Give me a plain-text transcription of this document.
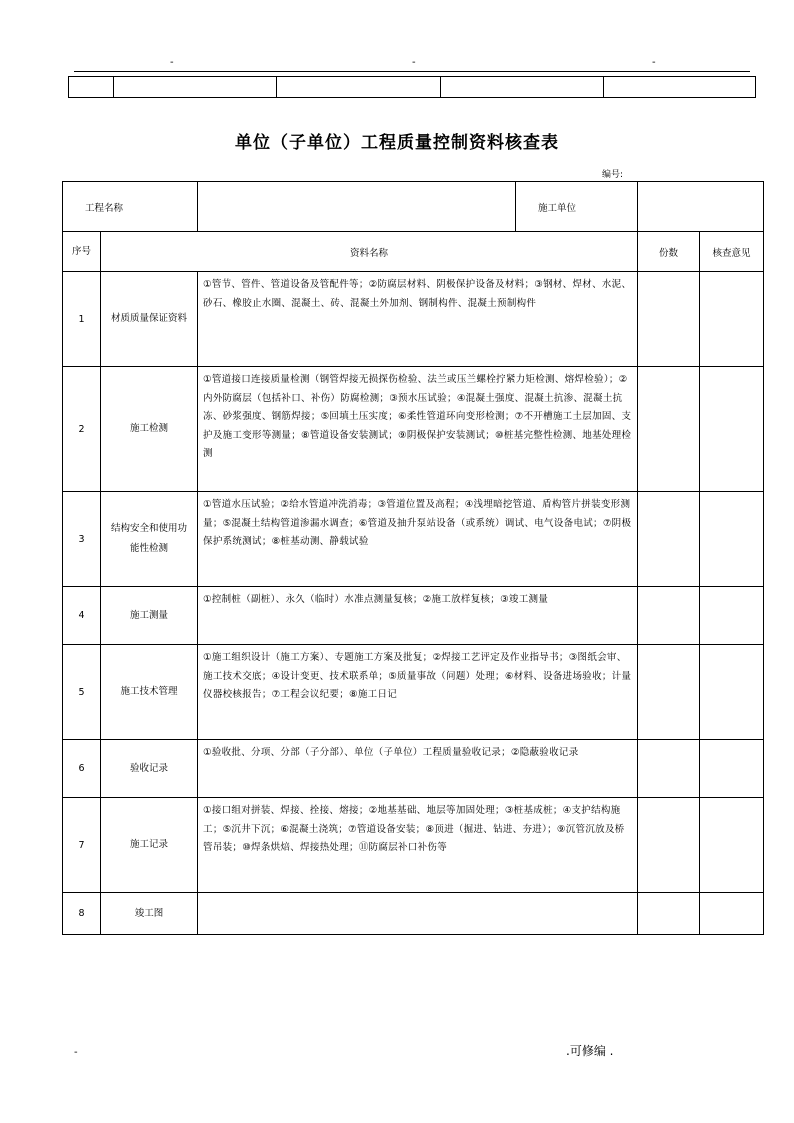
-	-	-

单位（子单位）工程质量控制资料核查表
编号:
工程名称			施工单位		
序号	资料名称			份数	核查意见
1	材质质量保证资料	①管节、管件、管道设备及管配件等；②防腐层材料、阴极保护设备及材料；③钢材、焊材、水泥、砂石、橡胶止水圈、混凝土、砖、混凝土外加剂、钢制构件、混凝土预制构件			
2	施工检测	①管道接口连接质量检测（钢管焊接无损探伤检验、法兰或压兰螺栓拧紧力矩检测、熔焊检验）；②内外防腐层（包括补口、补伤）防腐检测；③预水压试验；④混凝土强度、混凝土抗渗、混凝土抗冻、砂浆强度、钢筋焊接；⑤回填土压实度；⑥柔性管道环向变形检测；⑦不开槽施工土层加固、支护及施工变形等测量；⑧管道设备安装测试；⑨阴极保护安装测试；⑩桩基完整性检测、地基处理检测			
3	结构安全和使用功能性检测	①管道水压试验；②给水管道冲洗消毒；③管道位置及高程；④浅埋暗挖管道、盾构管片拼装变形测量；⑤混凝土结构管道渗漏水调查；⑥管道及抽升泵站设备（或系统）调试、电气设备电试；⑦阴极保护系统测试；⑧桩基动测、静载试验			
4	施工测量	①控制桩（副桩）、永久（临时）水准点测量复核；②施工放样复核；③竣工测量			
5	施工技术管理	①施工组织设计（施工方案）、专题施工方案及批复；②焊接工艺评定及作业指导书；③图纸会审、施工技术交底；④设计变更、技术联系单；⑤质量事故（问题）处理；⑥材料、设备进场验收；计量仪器校核报告；⑦工程会议纪要；⑧施工日记			
6	验收记录	①验收批、分项、分部（子分部）、单位（子单位）工程质量验收记录；②隐蔽验收记录			
7	施工记录	①接口组对拼装、焊接、拴接、熔接；②地基基础、地层等加固处理；③桩基成桩；④支护结构施工；⑤沉井下沉；⑥混凝土浇筑；⑦管道设备安装；⑧顶进（掘进、钻进、夯进）；⑨沉管沉放及桥管吊装；⑩焊条烘焙、焊接热处理；⑪防腐层补口补伤等			
8	竣工图				
-	.可修编 .
